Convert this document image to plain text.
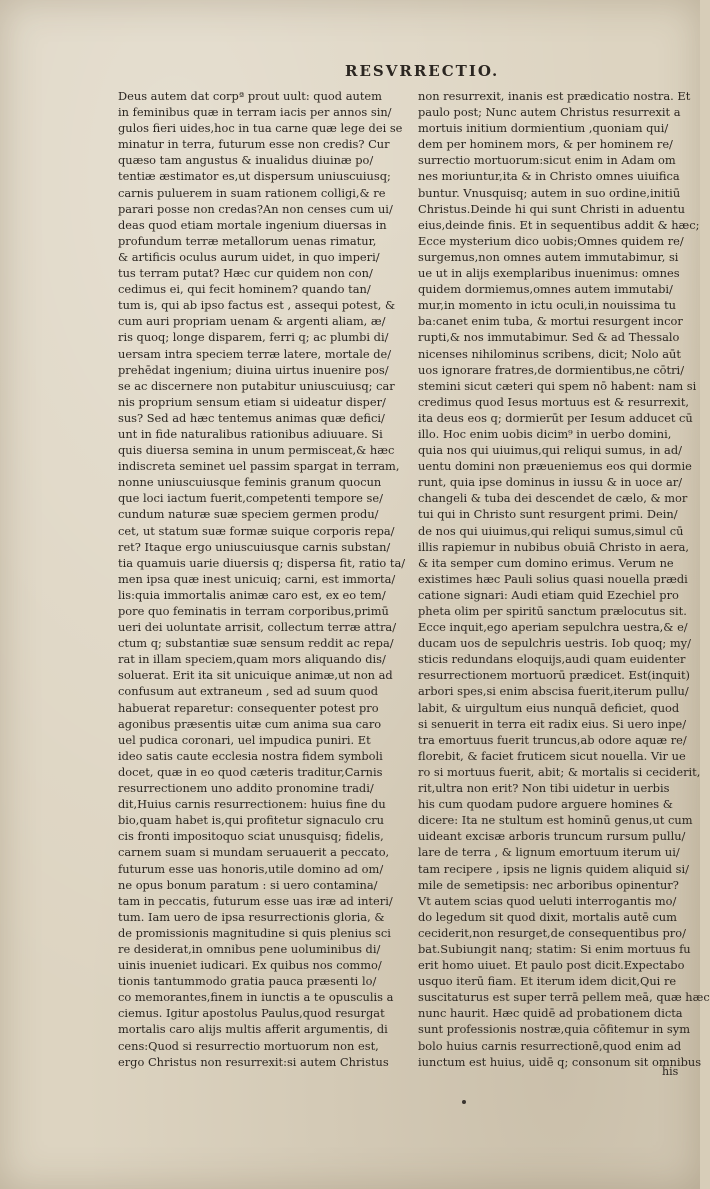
RESVRRECTIO.
Deus autem dat corpª prout uult: quod autem
in feminibus quæ in terram iacis per annos sin/
gulos fieri uides,hoc in tua carne quæ lege dei se
minatur in terra, futurum esse non credis? Cur
quæso tam angustus & inualidus diuinæ po/
tentiæ æstimator es,ut dispersum uniuscuiusq;
carnis puluerem in suam rationem colligi,& re
parari posse non credas?An non censes cum ui/
deas quod etiam mortale ingenium diuersas in
profundum terræ metallorum uenas rimatur,
& artificis oculus aurum uidet, in quo imperi/
tus terram putat? Hæc cur quidem non con/
cedimus ei, qui fecit hominem? quando tan/
tum is, qui ab ipso factus est , assequi potest, &
cum auri propriam uenam & argenti aliam, æ/
ris quoq; longe disparem, ferri q; ac plumbi di/
uersam intra speciem terræ latere, mortale de/
prehēdat ingenium; diuina uirtus inuenire pos/
se ac discernere non putabitur uniuscuiusq; car
nis proprium sensum etiam si uideatur disper/
sus? Sed ad hæc tentemus animas quæ defici/
unt in fide naturalibus rationibus adiuuare. Si
quis diuersa semina in unum permisceat,& hæc
indiscreta seminet uel passim spargat in terram,
nonne uniuscuiusque feminis granum quocun
que loci iactum fuerit,competenti tempore se/
cundum naturæ suæ speciem germen produ/
cet, ut statum suæ formæ suique corporis repa/
ret? Itaque ergo uniuscuiusque carnis substan/
tia quamuis uarie diuersis q; dispersa fit, ratio ta/
men ipsa quæ inest unicuiq; carni, est immorta/
lis:quia immortalis animæ caro est, ex eo tem/
pore quo feminatis in terram corporibus,primū
ueri dei uoluntate arrisit, collectum terræ attra/
ctum q; substantiæ suæ sensum reddit ac repa/
rat in illam speciem,quam mors aliquando dis/
soluerat. Erit ita sit unicuique animæ,ut non ad
confusum aut extraneum , sed ad suum quod
habuerat reparetur: consequenter potest pro
agonibus præsentis uitæ cum anima sua caro
uel pudica coronari, uel impudica puniri. Et
ideo satis caute ecclesia nostra fidem symboli
docet, quæ in eo quod cæteris traditur,Carnis
resurrectionem uno addito pronomine tradi/
dit,Huius carnis resurrectionem: huius fine du
bio,quam habet is,qui profitetur signaculo cru
cis fronti impositoquo sciat unusquisq; fidelis,
carnem suam si mundam seruauerit a peccato,
futurum esse uas honoris,utile domino ad om/
ne opus bonum paratum : si uero contamina/
tam in peccatis, futurum esse uas iræ ad interi/
tum. Iam uero de ipsa resurrectionis gloria, &
de promissionis magnitudine si quis plenius sci
re desiderat,in omnibus pene uoluminibus di/
uinis inueniet iudicari. Ex quibus nos commo/
tionis tantummodo gratia pauca præsenti lo/
co memorantes,finem in iunctis a te opusculis a
ciemus. Igitur apostolus Paulus,quod resurgat
mortalis caro alijs multis afferit argumentis, di
cens:Quod si resurrectio mortuorum non est,
ergo Christus non resurrexit:si autem Christus
non resurrexit, inanis est prædicatio nostra. Et
paulo post; Nunc autem Christus resurrexit a
mortuis initium dormientium ,quoniam qui/
dem per hominem mors, & per hominem re/
surrectio mortuorum:sicut enim in Adam om
nes moriuntur,ita & in Christo omnes uiuifica
buntur. Vnusquisq; autem in suo ordine,initiū
Christus.Deinde hi qui sunt Christi in aduentu
eius,deinde finis. Et in sequentibus addit & hæc;
Ecce mysterium dico uobis;Omnes quidem re/
surgemus,non omnes autem immutabimur, si
ue ut in alijs exemplaribus inuenimus: omnes
quidem dormiemus,omnes autem immutabi/
mur,in momento in ictu oculi,in nouissima tu
ba:canet enim tuba, & mortui resurgent incor
rupti,& nos immutabimur. Sed & ad Thessalo
nicenses nihilominus scribens, dicit; Nolo aūt
uos ignorare fratres,de dormientibus,ne cōtri/
stemini sicut cæteri qui spem nō habent: nam si
credimus quod Iesus mortuus est & resurrexit,
ita deus eos q; dormierūt per Iesum adducet cū
illo. Hoc enim uobis dicim⁹ in uerbo domini,
quia nos qui uiuimus,qui reliqui sumus, in ad/
uentu domini non præueniemus eos qui dormie
runt, quia ipse dominus in iussu & in uoce ar/
changeli & tuba dei descendet de cælo, & mor
tui qui in Christo sunt resurgent primi. Dein/
de nos qui uiuimus,qui reliqui sumus,simul cū
illis rapiemur in nubibus obuiā Christo in aera,
& ita semper cum domino erimus. Verum ne
existimes hæc Pauli solius quasi nouella prædi
catione signari: Audi etiam quid Ezechiel pro
pheta olim per spiritū sanctum prælocutus sit.
Ecce inquit,ego aperiam sepulchra uestra,& e/
ducam uos de sepulchris uestris. Iob quoq; my/
sticis redundans eloquijs,audi quam euidenter
resurrectionem mortuorū prædicet. Est(inquit)
arbori spes,si enim abscisa fuerit,iterum pullu/
labit, & uirgultum eius nunquā deficiet, quod
si senuerit in terra eit radix eius. Si uero inpe/
tra emortuus fuerit truncus,ab odore aquæ re/
florebit, & faciet fruticem sicut nouella. Vir ue
ro si mortuus fuerit, abit; & mortalis si ceciderit,
rit,ultra non erit? Non tibi uidetur in uerbis
his cum quodam pudore arguere homines &
dicere: Ita ne stultum est hominū genus,ut cum
uideant excisæ arboris truncum rursum pullu/
lare de terra , & lignum emortuum iterum ui/
tam recipere , ipsis ne lignis quidem aliquid si/
mile de semetipsis: nec arboribus opinentur?
Vt autem scias quod ueluti interrogantis mo/
do legedum sit quod dixit, mortalis autē cum
ceciderit,non resurget,de consequentibus pro/
bat.Subiungit nanq; statim: Si enim mortuus fu
erit homo uiuet. Et paulo post dicit.Expectabo
usquo iterū fiam. Et iterum idem dicit,Qui re
suscitaturus est super terrā pellem meā, quæ hæc
nunc haurit. Hæc quidē ad probationem dicta
sunt professionis nostræ,quia cōfitemur in sym
bolo huius carnis resurrectionē,quod enim ad
iunctum est huius, uidē q; consonum sit omnibus
his
